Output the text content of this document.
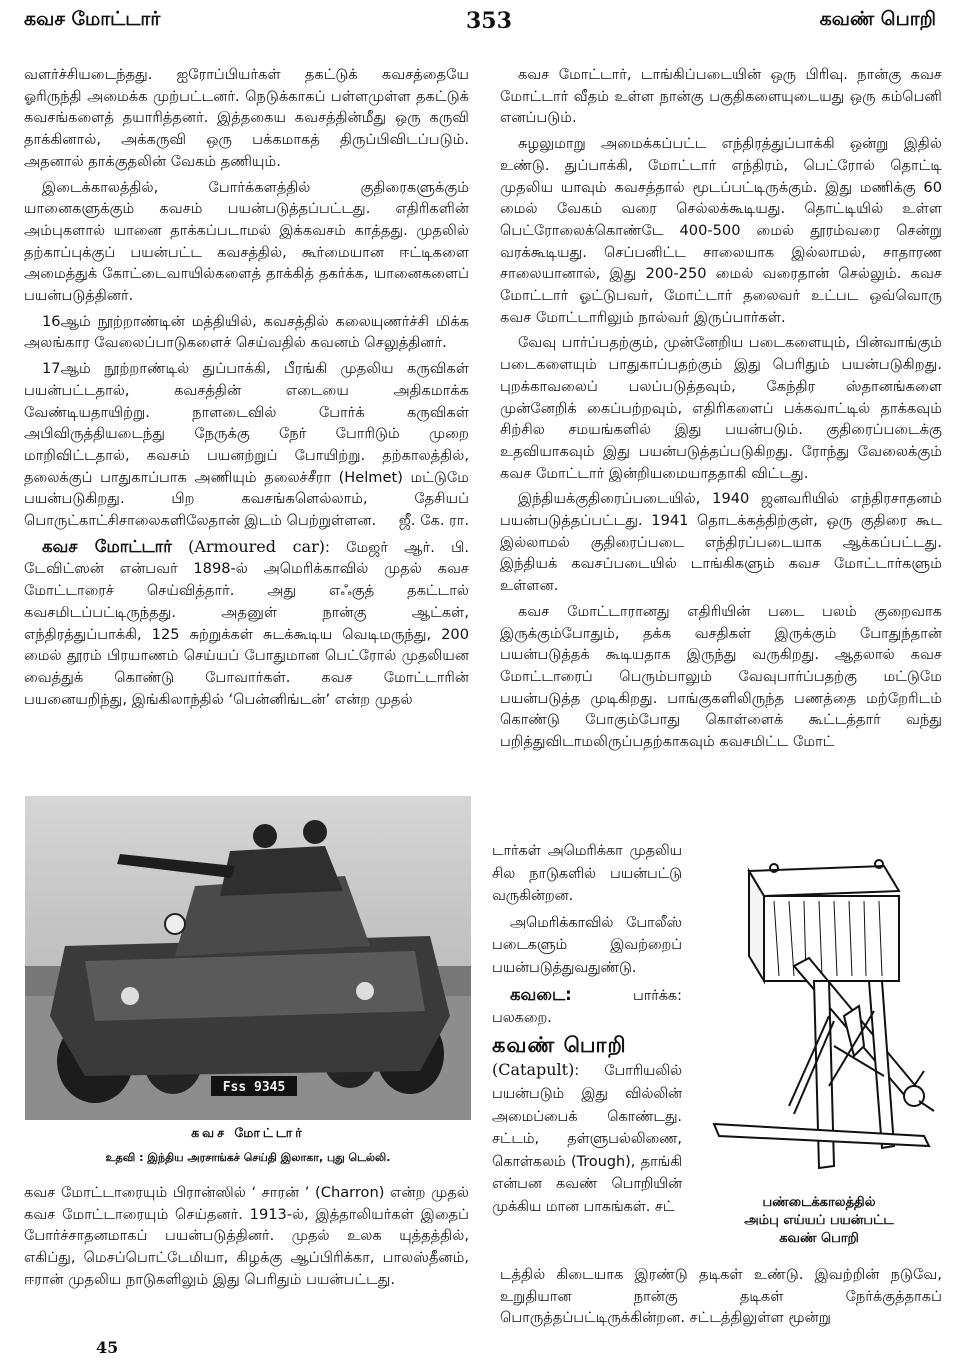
கவச மோட்டார்	353	கவண் பொறி

வளர்ச்சியடைந்தது. ஐரோப்பியர்கள் தகட்டுக் கவசத்தையே ஓரிருந்தி அமைக்க முற்பட்டனர். நெடுக்காகப் பள்ளமுள்ள தகட்டுக் கவசங்களைத் தயாரித்தனர். இத்தகைய கவசத்தின்மீது ஒரு கருவி தாக்கினால், அக்கருவி ஒரு பக்கமாகத் திருப்பிவிடப்படும். அதனால் தாக்குதலின் வேகம் தணியும்.

இடைக்காலத்தில், போர்க்களத்தில் குதிரைகளுக்கும் யானைகளுக்கும் கவசம் பயன்படுத்தப்பட்டது. எதிரிகளின் அம்புகளால் யானை தாக்கப்படாமல் இக்கவசம் காத்தது. முதலில் தற்காப்புக்குப் பயன்பட்ட கவசத்தில், கூர்மையான ஈட்டிகளை அமைத்துக் கோட்டைவாயில்களைத் தாக்கித் தகர்க்க, யானைகளைப் பயன்படுத்தினர்.

16ஆம் நூற்றாண்டின் மத்தியில், கவசத்தில் கலையுணர்ச்சி மிக்க அலங்கார வேலைப்பாடுகளைச் செய்வதில் கவனம் செலுத்தினர்.

17ஆம் நூற்றாண்டில் துப்பாக்கி, பீரங்கி முதலிய கருவிகள் பயன்பட்டதால், கவசத்தின் எடையை அதிகமாக்க வேண்டியதாயிற்று. நாளடைவில் போர்க் கருவிகள் அபிவிருத்தியடைந்து நேருக்கு நேர் போரிடும் முறை மாறிவிட்டதால், கவசம் பயனற்றுப் போயிற்று. தற்காலத்தில், தலைக்குப் பாதுகாப்பாக அணியும் தலைச்சீரா (Helmet) மட்டுமே பயன்படுகிறது. பிற கவசங்களெல்லாம், தேசியப் பொருட்காட்சிசாலைகளிலேதான் இடம் பெற்றுள்ளன.	ஜீ. கே. ரா.

கவச மோட்டார் (Armoured car): மேஜர் ஆர். பி. டேவிட்ஸன் என்பவர் 1898-ல் அமெரிக்காவில் முதல் கவச மோட்டாரைச் செய்வித்தார். அது எஃகுத் தகட்டால் கவசமிடப்பட்டிருந்தது. அதனுள் நான்கு ஆட்கள், எந்திரத்துப்பாக்கி, 125 சுற்றுக்கள் சுடக்கூடிய வெடிமருந்து, 200 மைல் தூரம் பிரயாணம் செய்யப் போதுமான பெட்ரோல் முதலியன வைத்துக் கொண்டு போவார்கள். கவச மோட்டாரின் பயனையறிந்து, இங்கிலாந்தில் ‘பென்னிங்டன்’ என்ற முதல்

Fss 9345
கவச மோட்டார்
உதவி : இந்திய அரசாங்கச் செய்தி இலாகா, புது டெல்லி.

கவச மோட்டாரையும் பிரான்ஸில் ‘ சாரன் ’ (Charron) என்ற முதல் கவச மோட்டாரையும் செய்தனர். 1913-ல், இத்தாலியர்கள் இதைப் போர்ச்சாதனமாகப் பயன்படுத்தினர். முதல் உலக யுத்தத்தில், எகிப்து, மெசப்பொட்டேமியா, கிழக்கு ஆப்பிரிக்கா, பாலஸ்தீனம், ஈரான் முதலிய நாடுகளிலும் இது பெரிதும் பயன்பட்டது.

கவச மோட்டார், டாங்கிப்படையின் ஒரு பிரிவு. நான்கு கவச மோட்டார் வீதம் உள்ள நான்கு பகுதிகளையுடையது ஒரு கம்பெனி எனப்படும்.

சுழலுமாறு அமைக்கப்பட்ட எந்திரத்துப்பாக்கி ஒன்று இதில் உண்டு. துப்பாக்கி, மோட்டார் எந்திரம், பெட்ரோல் தொட்டி முதலிய யாவும் கவசத்தால் மூடப்பட்டிருக்கும். இது மணிக்கு 60 மைல் வேகம் வரை செல்லக்கூடியது. தொட்டியில் உள்ள பெட்ரோலைக்கொண்டே 400-500 மைல் தூரம்வரை சென்று வரக்கூடியது. செப்பனிட்ட சாலையாக இல்லாமல், சாதாரண சாலையானால், இது 200-250 மைல் வரைதான் செல்லும். கவச மோட்டார் ஓட்டுபவர், மோட்டார் தலைவர் உட்பட ஒவ்வொரு கவச மோட்டாரிலும் நால்வர் இருப்பார்கள்.

வேவு பார்ப்பதற்கும், முன்னேறிய படைகளையும், பின்வாங்கும் படைகளையும் பாதுகாப்பதற்கும் இது பெரிதும் பயன்படுகிறது. புறக்காவலைப் பலப்படுத்தவும், கேந்திர ஸ்தானங்களை முன்னேறிக் கைப்பற்றவும், எதிரிகளைப் பக்கவாட்டில் தாக்கவும் சிற்சில சமயங்களில் இது பயன்படும். குதிரைப்படைக்கு உதவியாகவும் இது பயன்படுத்தப்படுகிறது. ரோந்து வேலைக்கும் கவச மோட்டார் இன்றியமையாததாகி விட்டது.

இந்தியக்குதிரைப்படையில், 1940 ஜனவரியில் எந்திரசாதனம் பயன்படுத்தப்பட்டது. 1941 தொடக்கத்திற்குள், ஒரு குதிரை கூட இல்லாமல் குதிரைப்படை எந்திரப்படையாக ஆக்கப்பட்டது. இந்தியக் கவசப்படையில் டாங்கிகளும் கவச மோட்டார்களும் உள்ளன.

கவச மோட்டாரானது எதிரியின் படை பலம் குறைவாக இருக்கும்போதும், தக்க வசதிகள் இருக்கும் போதுந்தான் பயன்படுத்தக் கூடியதாக இருந்து வருகிறது. ஆதலால் கவச மோட்டாரைப் பெரும்பாலும் வேவுபார்ப்பதற்கு மட்டுமே பயன்படுத்த முடிகிறது. பாங்குகளிலிருந்த பணத்தை மற்றேரிடம் கொண்டு போகும்போது கொள்ளைக் கூட்டத்தார் வந்து பறித்துவிடாமலிருப்பதற்காகவும் கவசமிட்ட மோட்

டார்கள் அமெரிக்கா முதலிய சில நாடுகளில் பயன்பட்டு வருகின்றன.

அமெரிக்காவில் போலீஸ் படைகளும் இவற்றைப் பயன்படுத்துவதுண்டு.

கவடை: பார்க்க: பலகறை.

கவண் பொறி
(Catapult): போரியலில் பயன்படும் இது வில்லின் அமைப்பைக் கொண்டது. சட்டம், தள்ளுபல்லிணை, கொள்கலம் (Trough), தாங்கி என்பன கவண் பொறியின் முக்கிய மான பாகங்கள். சட்	பண்டைக்காலத்தில்
அம்பு எய்யப் பயன்பட்ட
கவண் பொறி

டத்தில் கிடையாக இரண்டு தடிகள் உண்டு. இவற்றின் நடுவே, உறுதியான நான்கு தடிகள் நேர்க்குத்தாகப் பொருத்தப்பட்டிருக்கின்றன. சட்டத்திலுள்ள மூன்று

45
